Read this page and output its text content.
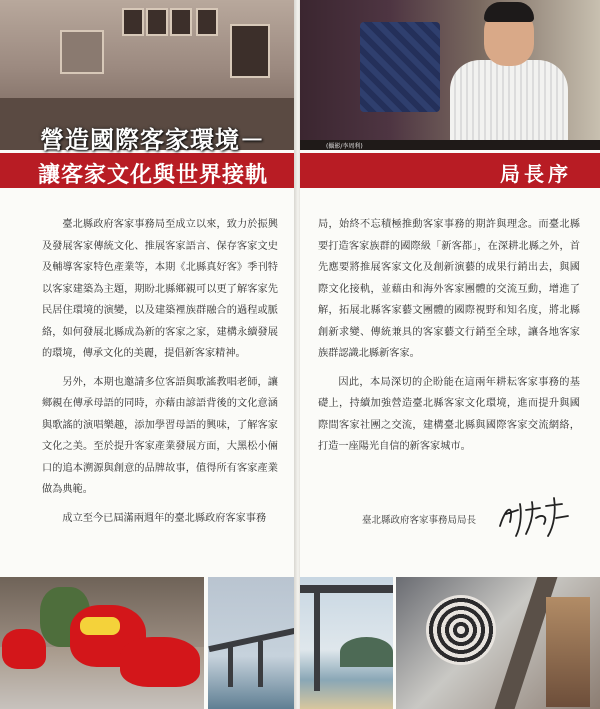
營造國際客家環境－
讓客家文化與世界接軌

臺北縣政府客家事務局至成立以來，致力於振興及發展客家傳統文化、推展客家語言、保存客家文史及輔導客家特色產業等，本期《北縣真好客》季刊特以客家建築為主題，期盼北縣鄉親可以更了解客家先民居住環境的演變，以及建築裡族群融合的過程或脈絡，如何發展北縣成為新的客家之家，建構永續發展的環境，傳承文化的美麗，提倡新客家精神。

另外，本期也邀請多位客語與歌謠教唱老師，讓鄉親在傳承母語的同時，亦藉由諺語背後的文化意涵與歌謠的演唱樂趣，添加學習母語的興味，了解客家文化之美。至於提升客家產業發展方面，大黑松小倆口的追本溯源與創意的品牌故事，值得所有客家產業做為典範。

成立至今已屆滿兩週年的臺北縣政府客家事務

(攝影/李周利)
局長序

局，始終不忘積極推動客家事務的期許與理念。而臺北縣要打造客家族群的國際級「新客都」，在深耕北縣之外，首先應要將推展客家文化及創新演藝的成果行銷出去，與國際文化接軌，並藉由和海外客家團體的交流互動，增進了解，拓展北縣客家藝文團體的國際視野和知名度，將北縣創新求變、傳統兼具的客家藝文行銷至全球，讓各地客家族群認識北縣新客家。

因此，本局深切的企盼能在這兩年耕耘客家事務的基礎上，持續加強營造臺北縣客家文化環境，進而提升與國際間客家社團之交流，建構臺北縣與國際客家交流網絡，打造一座陽光自信的新客家城市。

臺北縣政府客家事務局局長
